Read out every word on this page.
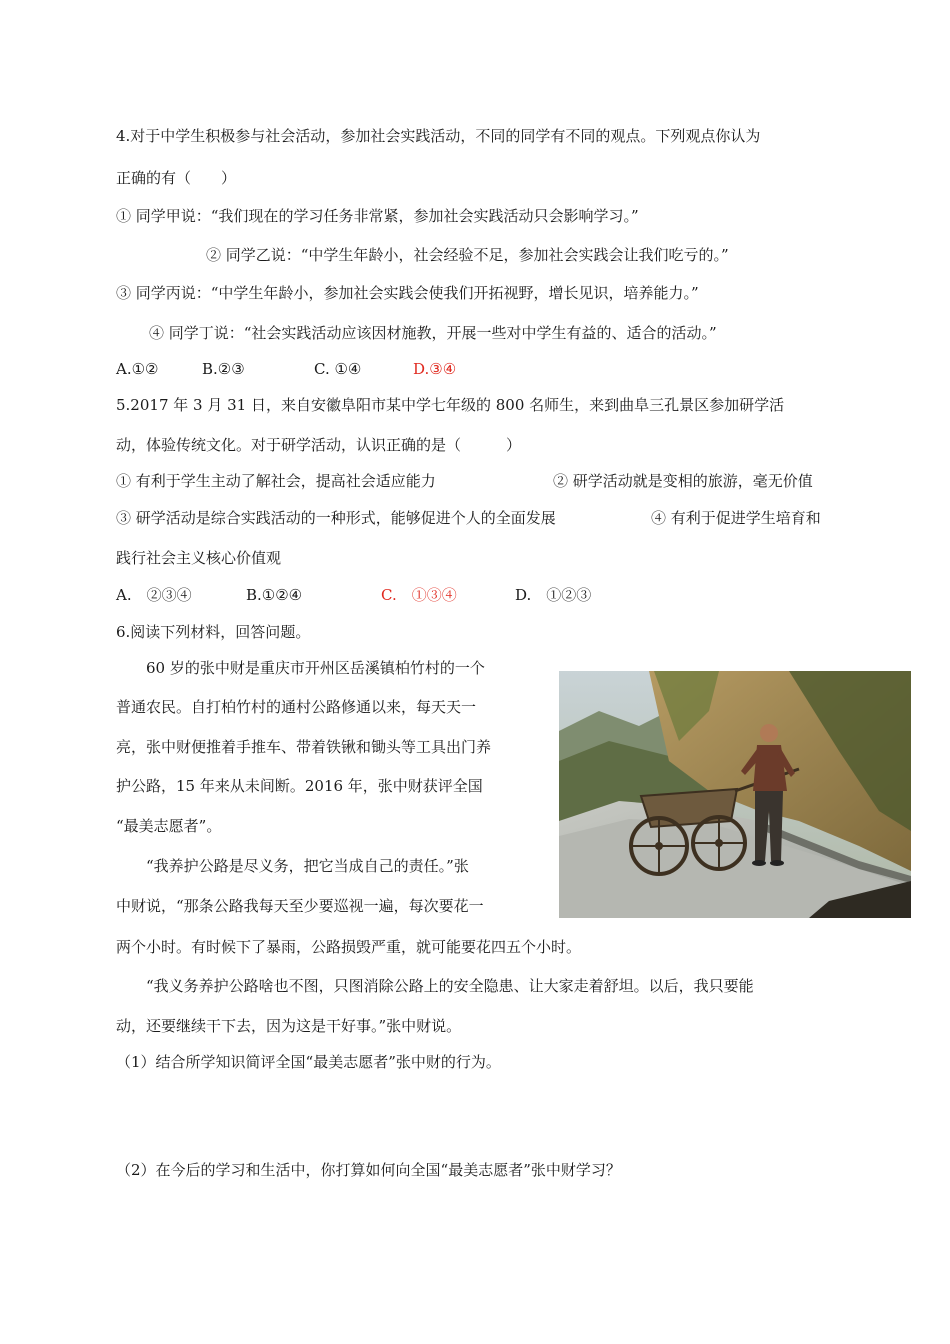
4.对于中学生积极参与社会活动，参加社会实践活动，不同的同学有不同的观点。下列观点你认为
正确的有（　　）
① 同学甲说：“我们现在的学习任务非常紧，参加社会实践活动只会影响学习。”
② 同学乙说：“中学生年龄小，社会经验不足，参加社会实践会让我们吃亏的。”
③ 同学丙说：“中学生年龄小，参加社会实践会使我们开拓视野，增长见识，培养能力。”
④ 同学丁说：“社会实践活动应该因材施教，开展一些对中学生有益的、适合的活动。”
A.①②	B.②③	C. ①④	D.③④
5.2017 年 3 月 31 日，来自安徽阜阳市某中学七年级的 800 名师生，来到曲阜三孔景区参加研学活
动，体验传统文化。对于研学活动，认识正确的是（　　　）
① 有利于学生主动了解社会，提高社会适应能力	② 研学活动就是变相的旅游，毫无价值
③ 研学活动是综合实践活动的一种形式，能够促进个人的全面发展	④ 有利于促进学生培育和
践行社会主义核心价值观
A.　②③④	B.①②④	C.　①③④	D.　①②③
6.阅读下列材料，回答问题。
60 岁的张中财是重庆市开州区岳溪镇柏竹村的一个
普通农民。自打柏竹村的通村公路修通以来，每天天一
亮，张中财便推着手推车、带着铁锹和锄头等工具出门养
护公路，15 年来从未间断。2016 年，张中财获评全国
“最美志愿者”。
“我养护公路是尽义务，把它当成自己的责任。”张
中财说，“那条公路我每天至少要巡视一遍，每次要花一
两个小时。有时候下了暴雨，公路损毁严重，就可能要花四五个小时。
“我义务养护公路啥也不图，只图消除公路上的安全隐患、让大家走着舒坦。以后，我只要能
动，还要继续干下去，因为这是干好事。”张中财说。
（1）结合所学知识简评全国“最美志愿者”张中财的行为。
（2）在今后的学习和生活中，你打算如何向全国“最美志愿者”张中财学习？
